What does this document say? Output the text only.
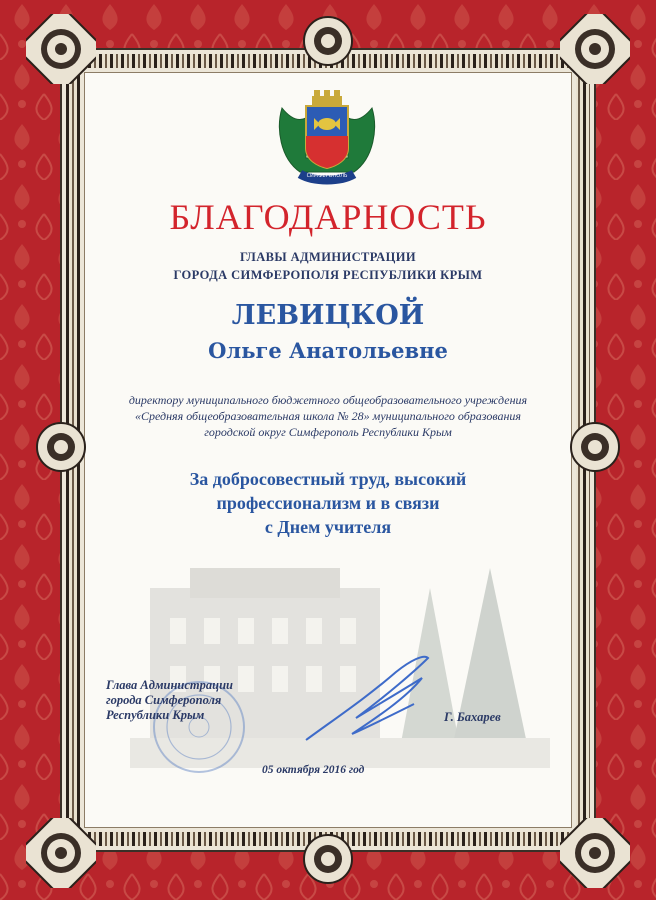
СИМФЕРОПОЛЬ
БЛАГОДАРНОСТЬ
ГЛАВЫ АДМИНИСТРАЦИИ
ГОРОДА СИМФЕРОПОЛЯ РЕСПУБЛИКИ КРЫМ
ЛЕВИЦКОЙ
Ольге Анатольевне
директору муниципального бюджетного общеобразовательного учреждения
«Средняя общеобразовательная школа № 28» муниципального образования
городской округ Симферополь Республики Крым
За добросовестный труд, высокий
профессионализм и в связи
с Днем учителя
Глава Администрации
города Симферополя
Республики Крым	Г. Бахарев
05 октября 2016 год
